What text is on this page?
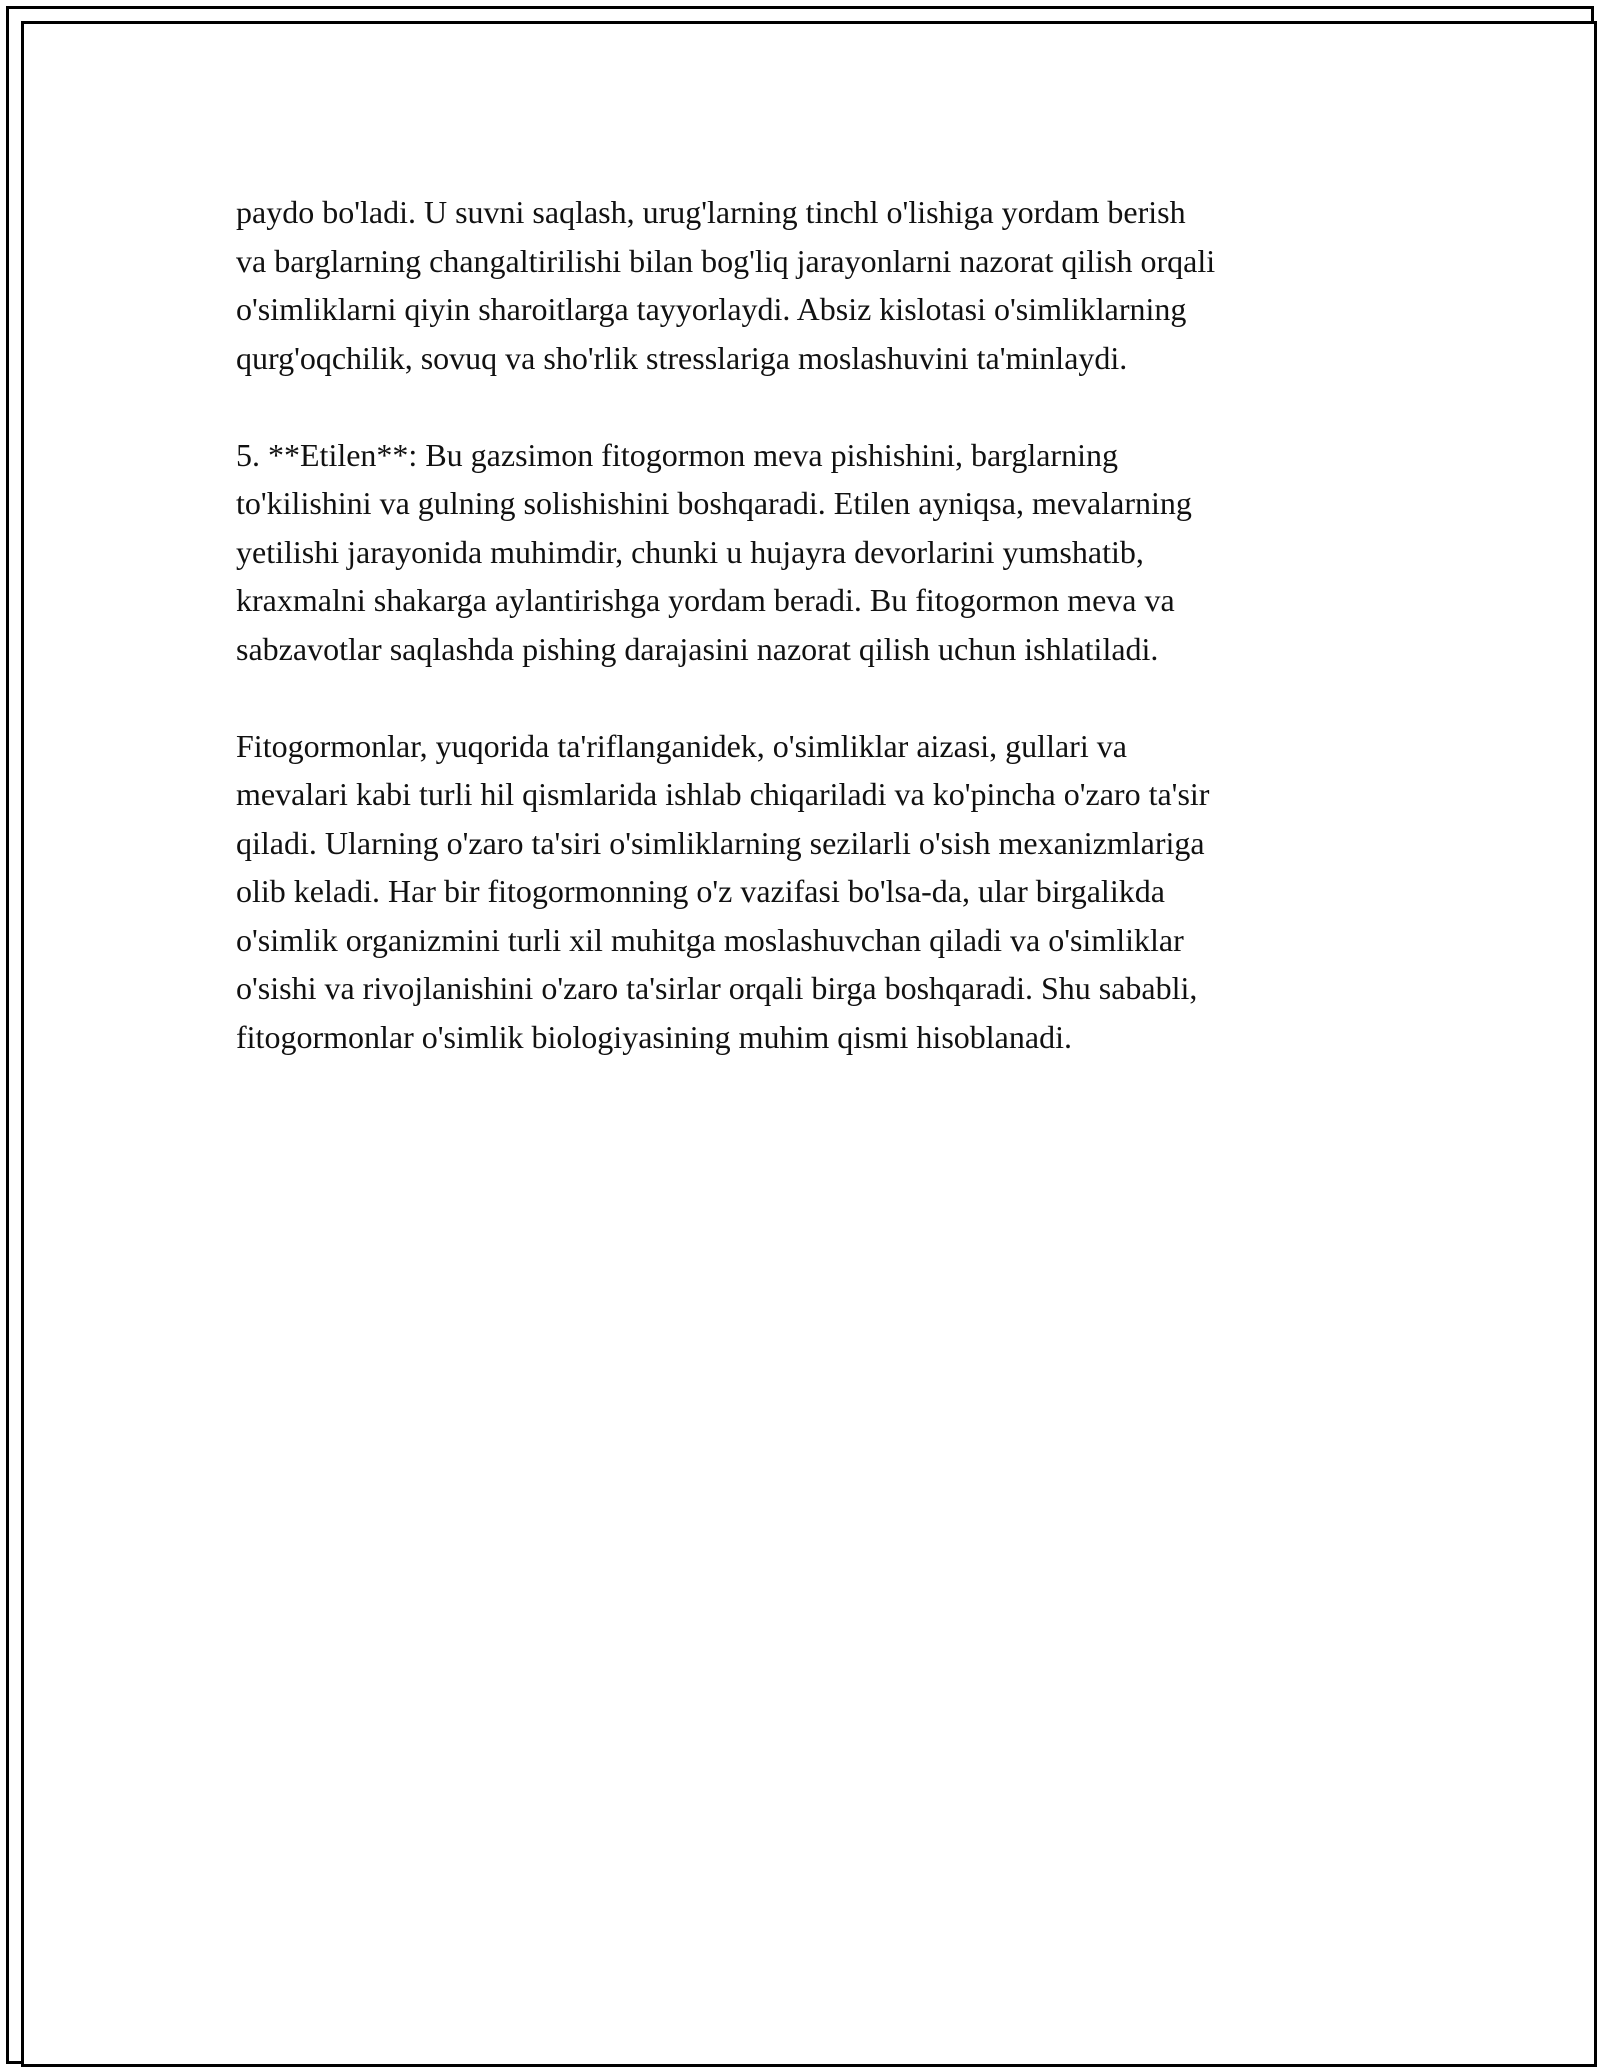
paydo bo'ladi. U suvni saqlash, urug'larning tinchl o'lishiga yordam berish
va barglarning changaltirilishi bilan bog'liq jarayonlarni nazorat qilish orqali
o'simliklarni qiyin sharoitlarga tayyorlaydi. Absiz kislotasi o'simliklarning
qurg'oqchilik, sovuq va sho'rlik stresslariga moslashuvini ta'minlaydi.

5. **Etilen**: Bu gazsimon fitogormon meva pishishini, barglarning
to'kilishini va gulning solishishini boshqaradi. Etilen ayniqsa, mevalarning
yetilishi jarayonida muhimdir, chunki u hujayra devorlarini yumshatib,
kraxmalni shakarga aylantirishga yordam beradi. Bu fitogormon meva va
sabzavotlar saqlashda pishing darajasini nazorat qilish uchun ishlatiladi.

Fitogormonlar, yuqorida ta'riflanganidek, o'simliklar aizasi, gullari va
mevalari kabi turli hil qismlarida ishlab chiqariladi va ko'pincha o'zaro ta'sir
qiladi. Ularning o'zaro ta'siri o'simliklarning sezilarli o'sish mexanizmlariga
olib keladi. Har bir fitogormonning o'z vazifasi bo'lsa-da, ular birgalikda
o'simlik organizmini turli xil muhitga moslashuvchan qiladi va o'simliklar
o'sishi va rivojlanishini o'zaro ta'sirlar orqali birga boshqaradi. Shu sababli,
fitogormonlar o'simlik biologiyasining muhim qismi hisoblanadi.
